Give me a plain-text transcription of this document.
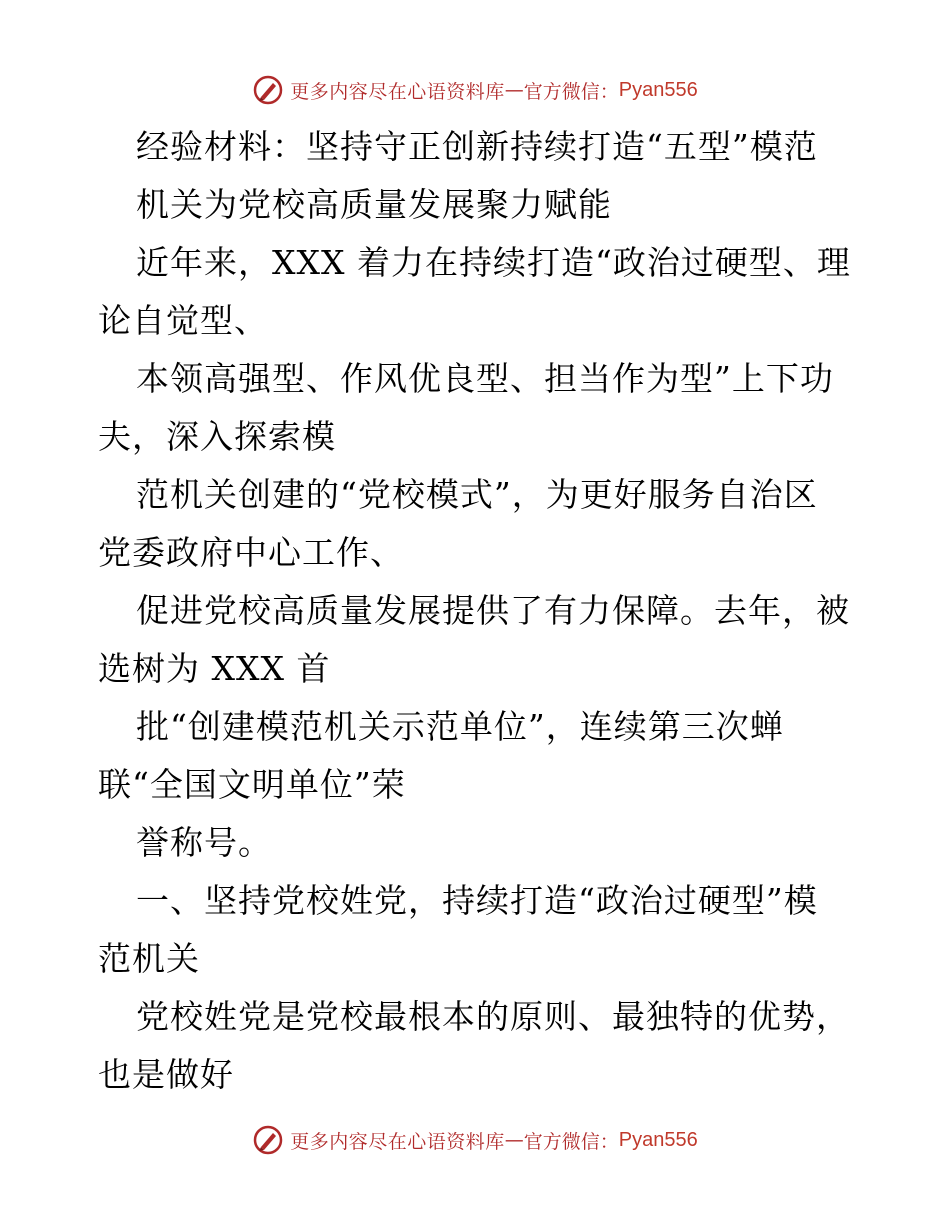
更多内容尽在心语资料库 — 官方微信： Pyan556
经验材料：坚持守正创新持续打造“五型”模范
机关为党校高质量发展聚力赋能
近年来，XXX 着力在持续打造“政治过硬型、理
论自觉型、
本领高强型、作风优良型、担当作为型”上下功
夫，深入探索模
范机关创建的“党校模式”，为更好服务自治区
党委政府中心工作、
促进党校高质量发展提供了有力保障。去年，被
选树为 XXX 首
批“创建模范机关示范单位”，连续第三次蝉
联“全国文明单位”荣
誉称号。
一、坚持党校姓党，持续打造“政治过硬型”模
范机关
党校姓党是党校最根本的原则、最独特的优势，
也是做好
更多内容尽在心语资料库 — 官方微信： Pyan556
